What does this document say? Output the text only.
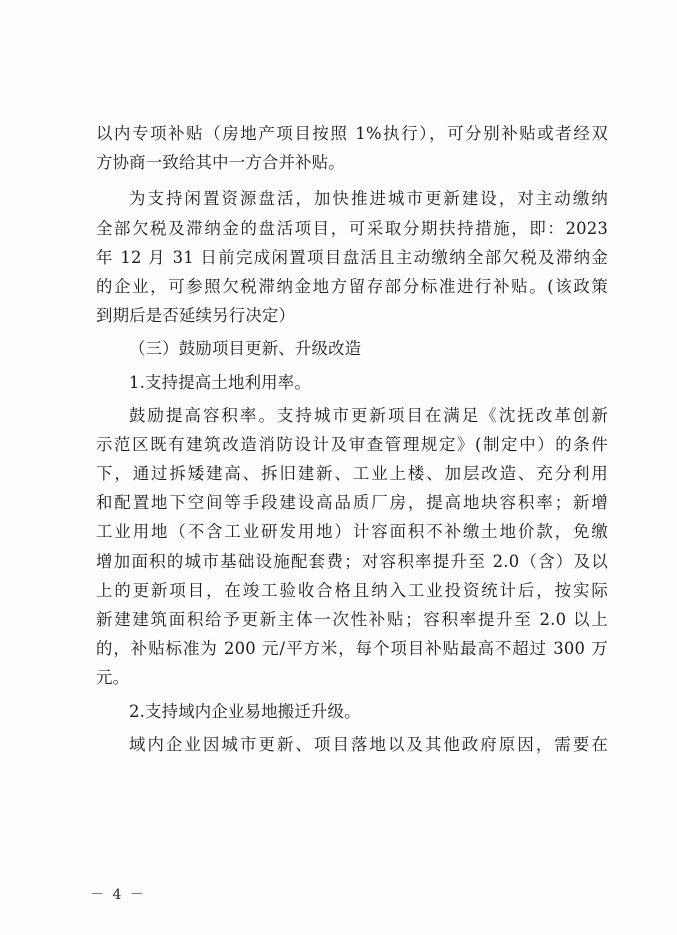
以内专项补贴（房地产项目按照 1%执行），可分别补贴或者经双
方协商一致给其中一方合并补贴。
为支持闲置资源盘活，加快推进城市更新建设，对主动缴纳
全部欠税及滞纳金的盘活项目，可采取分期扶持措施，即：2023
年 12 月 31 日前完成闲置项目盘活且主动缴纳全部欠税及滞纳金
的企业，可参照欠税滞纳金地方留存部分标准进行补贴。(该政策
到期后是否延续另行决定）
（三）鼓励项目更新、升级改造
1.支持提高土地利用率。
鼓励提高容积率。支持城市更新项目在满足《沈抚改革创新
示范区既有建筑改造消防设计及审查管理规定》(制定中）的条件
下，通过拆矮建高、拆旧建新、工业上楼、加层改造、充分利用
和配置地下空间等手段建设高品质厂房，提高地块容积率；新增
工业用地（不含工业研发用地）计容面积不补缴土地价款，免缴
增加面积的城市基础设施配套费；对容积率提升至 2.0（含）及以
上的更新项目，在竣工验收合格且纳入工业投资统计后，按实际
新建建筑面积给予更新主体一次性补贴；容积率提升至 2.0 以上
的，补贴标准为 200 元/平方米，每个项目补贴最高不超过 300 万
元。
2.支持域内企业易地搬迁升级。
域内企业因城市更新、项目落地以及其他政府原因，需要在
－ 4 －
